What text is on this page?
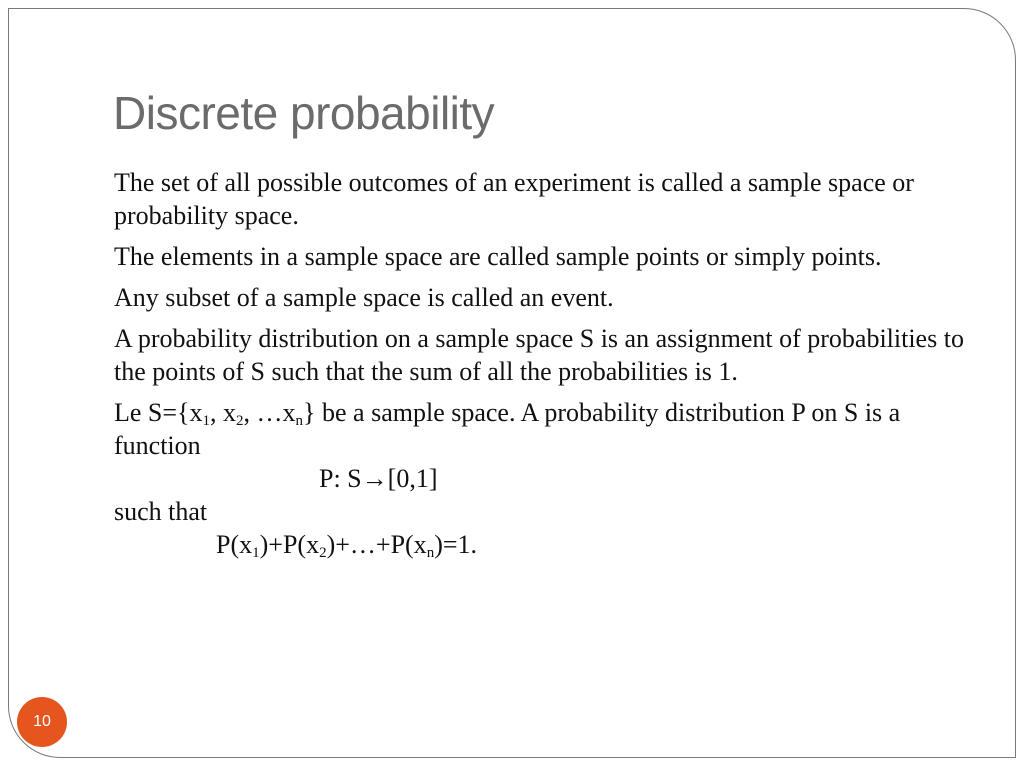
Discrete probability

The set of all possible outcomes of an experiment is called a sample space or probability space.

The elements in a sample space are called sample points or simply points.

Any subset of a sample space is called an event.

A probability distribution on a sample space S is an assignment of probabilities to the points of S such that the sum of all the probabilities is 1.

Le $S=\{x_1$, $x_2$, $\dots x_n$} be a sample space. A probability distribution P on S is a function

P: S→[0,1]
such that
$P(x_1)+P(x_2)+\dots+P(x_n)=1$.
10
